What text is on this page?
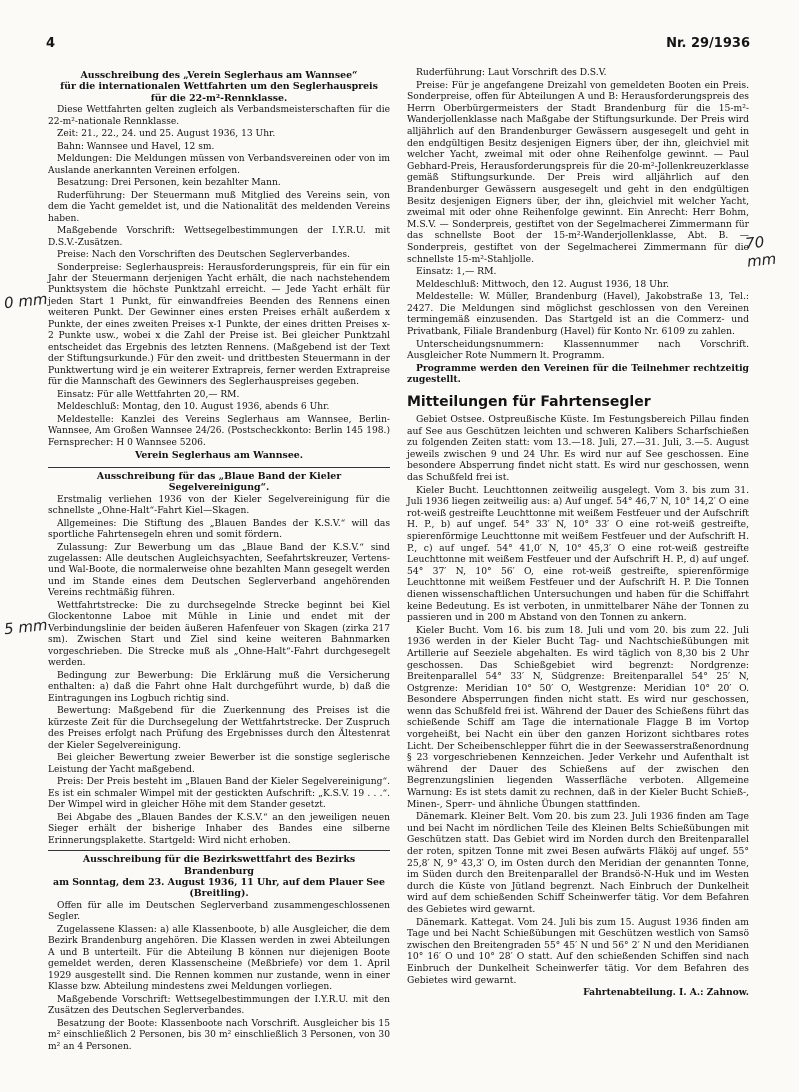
4	Nr. 29/1936
0 mm
5 mm
70 mm
Ausschreibung des „Verein Seglerhaus am Wannsee“
für die internationalen Wettfahrten um den Seglerhauspreis
für die 22-m²-Rennklasse.

Diese Wettfahrten gelten zugleich als Verbandsmeisterschaften für die 22-m²-nationale Rennklasse.

Zeit: 21., 22., 24. und 25. August 1936, 13 Uhr.

Bahn: Wannsee und Havel, 12 sm.

Meldungen: Die Meldungen müssen von Verbandsvereinen oder von im Auslande anerkannten Vereinen erfolgen.

Besatzung: Drei Personen, kein bezahlter Mann.

Ruderführung: Der Steuermann muß Mitglied des Vereins sein, von dem die Yacht gemeldet ist, und die Nationalität des meldenden Vereins haben.

Maßgebende Vorschrift: Wettsegelbestimmungen der I.Y.R.U. mit D.S.V.-Zusätzen.

Preise: Nach den Vorschriften des Deutschen Seglerverbandes.

Sonderpreise: Seglerhauspreis: Herausforderungspreis, für ein für ein Jahr der Steuermann derjenigen Yacht erhält, die nach nachstehendem Punktsystem die höchste Punktzahl erreicht. — Jede Yacht erhält für jeden Start 1 Punkt, für einwandfreies Beenden des Rennens einen weiteren Punkt. Der Gewinner eines ersten Preises erhält außerdem x Punkte, der eines zweiten Preises x-1 Punkte, der eines dritten Preises x-2 Punkte usw., wobei x die Zahl der Preise ist. Bei gleicher Punktzahl entscheidet das Ergebnis des letzten Rennens. (Maßgebend ist der Text der Stiftungsurkunde.) Für den zweit- und drittbesten Steuermann in der Punktwertung wird je ein weiterer Extrapreis, ferner werden Extrapreise für die Mannschaft des Gewinners des Seglerhauspreises gegeben.

Einsatz: Für alle Wettfahrten 20,— RM.

Meldeschluß: Montag, den 10. August 1936, abends 6 Uhr.

Meldestelle: Kanzlei des Vereins Seglerhaus am Wannsee, Berlin-Wannsee, Am Großen Wannsee 24/26. (Postscheckkonto: Berlin 145 198.) Fernsprecher: H 0 Wannsee 5206.

Verein Seglerhaus am Wannsee.
Ausschreibung für das „Blaue Band der Kieler Segelvereinigung“.

Erstmalig verliehen 1936 von der Kieler Segelvereinigung für die schnellste „Ohne-Halt“-Fahrt Kiel—Skagen.

Allgemeines: Die Stiftung des „Blauen Bandes der K.S.V.“ will das sportliche Fahrtensegeln ehren und somit fördern.

Zulassung: Zur Bewerbung um das „Blaue Band der K.S.V.“ sind zugelassen: Alle deutschen Augleichsyachten, Seefahrtskreuzer, Vertens- und Wal-Boote, die normalerweise ohne bezahlten Mann gesegelt werden und im Stande eines dem Deutschen Seglerverband angehörenden Vereins rechtmäßig führen.

Wettfahrtstrecke: Die zu durchsegelnde Strecke beginnt bei Kiel Glockentonne Laboe mit Mühle in Linie und endet mit der Verbindungslinie der beiden äußeren Hafenfeuer von Skagen (zirka 217 sm). Zwischen Start und Ziel sind keine weiteren Bahnmarken vorgeschrieben. Die Strecke muß als „Ohne-Halt“-Fahrt durchgesegelt werden.

Bedingung zur Bewerbung: Die Erklärung muß die Versicherung enthalten: a) daß die Fahrt ohne Halt durchgeführt wurde, b) daß die Eintragungen ins Logbuch richtig sind.

Bewertung: Maßgebend für die Zuerkennung des Preises ist die kürzeste Zeit für die Durchsegelung der Wettfahrtstrecke. Der Zuspruch des Preises erfolgt nach Prüfung des Ergebnisses durch den Ältestenrat der Kieler Segelvereinigung.

Bei gleicher Bewertung zweier Bewerber ist die sonstige seglerische Leistung der Yacht maßgebend.

Preis: Der Preis besteht im „Blauen Band der Kieler Segelvereinigung“. Es ist ein schmaler Wimpel mit der gestickten Aufschrift: „K.S.V. 19 . . .“. Der Wimpel wird in gleicher Höhe mit dem Stander gesetzt.

Bei Abgabe des „Blauen Bandes der K.S.V.“ an den jeweiligen neuen Sieger erhält der bisherige Inhaber des Bandes eine silberne Erinnerungsplakette. Startgeld: Wird nicht erhoben.

Ausschreibung für die Bezirkswettfahrt des Bezirks Brandenburg
am Sonntag, dem 23. August 1936, 11 Uhr, auf dem Plauer See
(Breitling).

Offen für alle im Deutschen Seglerverband zusammengeschlossenen Segler.

Zugelassene Klassen: a) alle Klassenboote, b) alle Ausgleicher, die dem Bezirk Brandenburg angehören. Die Klassen werden in zwei Abteilungen A und B unterteilt. Für die Abteilung B können nur diejenigen Boote gemeldet werden, deren Klassenscheine (Meßbriefe) vor dem 1. April 1929 ausgestellt sind. Die Rennen kommen nur zustande, wenn in einer Klasse bzw. Abteilung mindestens zwei Meldungen vorliegen.

Maßgebende Vorschrift: Wettsegelbestimmungen der I.Y.R.U. mit den Zusätzen des Deutschen Seglerverbandes.

Besatzung der Boote: Klassenboote nach Vorschrift. Ausgleicher bis 15 m² einschließlich 2 Personen, bis 30 m² einschließlich 3 Personen, von 30 m² an 4 Personen.

Ruderführung: Laut Vorschrift des D.S.V.

Preise: Für je angefangene Dreizahl von gemeldeten Booten ein Preis. Sonderpreise, offen für Abteilungen A und B: Herausforderungspreis des Herrn Oberbürgermeisters der Stadt Brandenburg für die 15-m²-Wanderjollenklasse nach Maßgabe der Stiftungsurkunde. Der Preis wird alljährlich auf den Brandenburger Gewässern ausgesegelt und geht in den endgültigen Besitz desjenigen Eigners über, der ihn, gleichviel mit welcher Yacht, zweimal mit oder ohne Reihenfolge gewinnt. — Paul Gebhard-Preis, Herausforderungspreis für die 20-m²-Jollenkreuzerklasse gemäß Stiftungsurkunde. Der Preis wird alljährlich auf den Brandenburger Gewässern ausgesegelt und geht in den endgültigen Besitz desjenigen Eigners über, der ihn, gleichviel mit welcher Yacht, zweimal mit oder ohne Reihenfolge gewinnt. Ein Anrecht: Herr Bohm, M.S.V. — Sonderpreis, gestiftet von der Segelmacherei Zimmermann für das schnellste Boot der 15-m²-Wanderjollenklasse, Abt. B. — Sonderpreis, gestiftet von der Segelmacherei Zimmermann für die schnellste 15-m²-Stahljolle.

Einsatz: 1,— RM.

Meldeschluß: Mittwoch, den 12. August 1936, 18 Uhr.

Meldestelle: W. Müller, Brandenburg (Havel), Jakobstraße 13, Tel.: 2427. Die Meldungen sind möglichst geschlossen von den Vereinen termingemäß einzusenden. Das Startgeld ist an die Commerz- und Privatbank, Filiale Brandenburg (Havel) für Konto Nr. 6109 zu zahlen.

Unterscheidungsnummern: Klassennummer nach Vorschrift. Ausgleicher Rote Nummern lt. Programm.

Programme werden den Vereinen für die Teilnehmer rechtzeitig zugestellt.

Mitteilungen für Fahrtensegler

Gebiet Ostsee. Ostpreußische Küste. Im Festungsbereich Pillau finden auf See aus Geschützen leichten und schweren Kalibers Scharfschießen zu folgenden Zeiten statt: vom 13.—18. Juli, 27.—31. Juli, 3.—5. August jeweils zwischen 9 und 24 Uhr. Es wird nur auf See geschossen. Eine besondere Absperrung findet nicht statt. Es wird nur geschossen, wenn das Schußfeld frei ist.

Kieler Bucht. Leuchttonnen zeitweilig ausgelegt. Vom 3. bis zum 31. Juli 1936 liegen zeitweilig aus: a) Auf ungef. 54° 46,7′ N, 10° 14,2′ O eine rot-weiß gestreifte Leuchttonne mit weißem Festfeuer und der Aufschrift H. P., b) auf ungef. 54° 33′ N, 10° 33′ O eine rot-weiß gestreifte, spierenförmige Leuchttonne mit weißem Festfeuer und der Aufschrift H. P., c) auf ungef. 54° 41,0′ N, 10° 45,3′ O eine rot-weiß gestreifte Leuchttonne mit weißem Festfeuer und der Aufschrift H. P., d) auf ungef. 54° 37′ N, 10° 56′ O, eine rot-weiß gestreifte, spierenförmige Leuchttonne mit weißem Festfeuer und der Aufschrift H. P. Die Tonnen dienen wissenschaftlichen Untersuchungen und haben für die Schiffahrt keine Bedeutung. Es ist verboten, in unmittelbarer Nähe der Tonnen zu passieren und in 200 m Abstand von den Tonnen zu ankern.

Kieler Bucht. Vom 16. bis zum 18. Juli und vom 20. bis zum 22. Juli 1936 werden in der Kieler Bucht Tag- und Nachtschießübungen mit Artillerie auf Seeziele abgehalten. Es wird täglich von 8,30 bis 2 Uhr geschossen. Das Schießgebiet wird begrenzt: Nordgrenze: Breitenparallel 54° 33′ N, Südgrenze: Breitenparallel 54° 25′ N, Ostgrenze: Meridian 10° 50′ O, Westgrenze: Meridian 10° 20′ O. Besondere Absperrungen finden nicht statt. Es wird nur geschossen, wenn das Schußfeld frei ist. Während der Dauer des Schießens führt das schießende Schiff am Tage die internationale Flagge B im Vortop vorgeheißt, bei Nacht ein über den ganzen Horizont sichtbares rotes Licht. Der Scheibenschlepper führt die in der Seewasserstraßenordnung § 23 vorgeschriebenen Kennzeichen. Jeder Verkehr und Aufenthalt ist während der Dauer des Schießens auf der zwischen den Begrenzungslinien liegenden Wasserfläche verboten. Allgemeine Warnung: Es ist stets damit zu rechnen, daß in der Kieler Bucht Schieß-, Minen-, Sperr- und ähnliche Übungen stattfinden.

Dänemark. Kleiner Belt. Vom 20. bis zum 23. Juli 1936 finden am Tage und bei Nacht im nördlichen Teile des Kleinen Belts Schießübungen mit Geschützen statt. Das Gebiet wird im Norden durch den Breitenparallel der roten, spitzen Tonne mit zwei Besen aufwärts Fläköj auf ungef. 55° 25,8′ N, 9° 43,3′ O, im Osten durch den Meridian der genannten Tonne, im Süden durch den Breitenparallel der Brandsö-N-Huk und im Westen durch die Küste von Jütland begrenzt. Nach Einbruch der Dunkelheit wird auf dem schießenden Schiff Scheinwerfer tätig. Vor dem Befahren des Gebietes wird gewarnt.

Dänemark. Kattegat. Vom 24. Juli bis zum 15. August 1936 finden am Tage und bei Nacht Schießübungen mit Geschützen westlich von Samsö zwischen den Breitengraden 55° 45′ N und 56° 2′ N und den Meridianen 10° 16′ O und 10° 28′ O statt. Auf den schießenden Schiffen sind nach Einbruch der Dunkelheit Scheinwerfer tätig. Vor dem Befahren des Gebietes wird gewarnt.

Fahrtenabteilung. I. A.: Zahnow.
